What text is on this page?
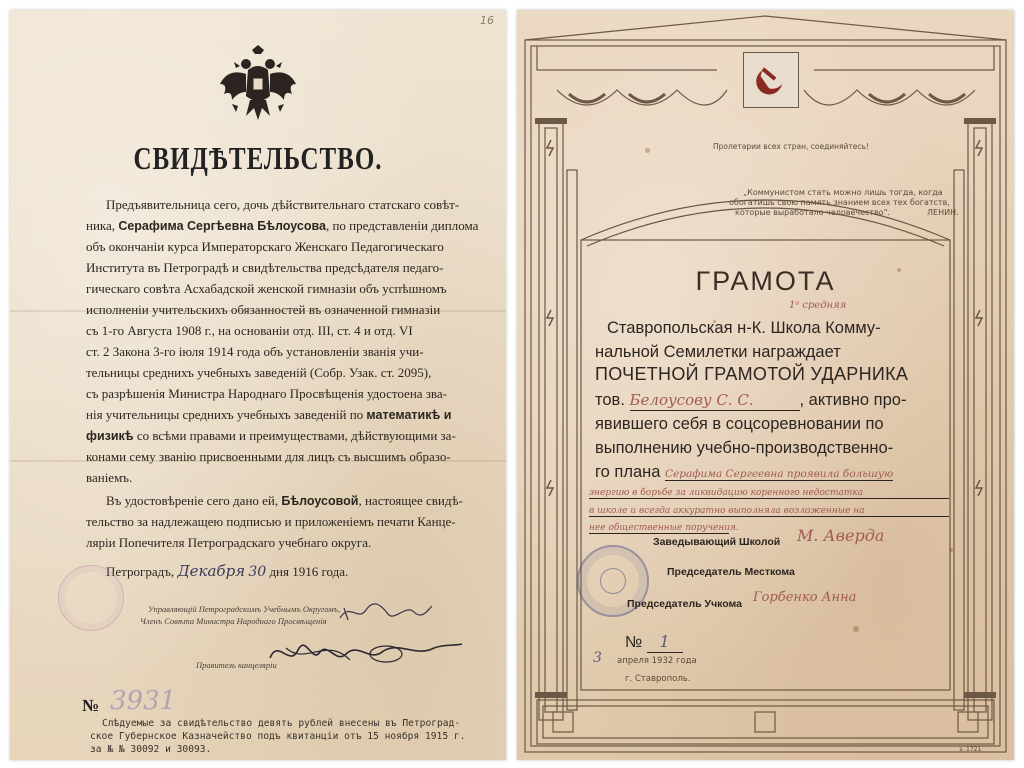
16
СВИДѢТЕЛЬСТВО.
Предъявительница сего, дочь дѣйствительнаго статскаго совѣт-
ника, Серафима Сергѣевна Бѣлоусова, по представленіи диплома
объ окончаніи курса Императорскаго Женскаго Педагогическаго
Института въ Петроградѣ и свидѣтельства предсѣдателя педаго-
гическаго совѣта Асхабадской женской гимназіи объ успѣшномъ
исполненіи учительскихъ обязанностей въ означенной гимназіи
съ 1-го Августа 1908 г., на основаніи отд. III, ст. 4 и отд. VI
ст. 2 Закона 3-го іюля 1914 года объ установленіи званія учи-
тельницы среднихъ учебныхъ заведеній (Собр. Узак. ст. 2095),
съ разрѣшенія Министра Народнаго Просвѣщенія удостоена зва-
нія учительницы среднихъ учебныхъ заведеній по математикѣ и
физикѣ со всѣми правами и преимуществами, дѣйствующими за-
конами сему званію присвоенными для лицъ съ высшимъ образо-
ваніемъ.
Въ удостовѣреніе сего дано ей, Бѣлоусовой, настоящее свидѣ-
тельство за надлежащею подписью и приложеніемъ печати Канце-
ляріи Попечителя Петроградскаго учебнаго округа.
Петроградъ, Декабря 30 дня 1916 года.
Управляющій Петроградскимъ Учебнымъ Округомъ,
Членъ Совѣта Министра Народнаго Просвѣщенія
Правитель канцеляріи
№ 3931
Слѣдуемые за свидѣтельство девять рублей внесены въ Петроград-
ское Губернское Казначейство подъ квитанціи отъ 15 ноября 1915 г.
за № № 30092 и 30093.
Пролетарии всех стран, соединяйтесь!
„Коммунистом стать можно лишь тогда, когда
обогатишь свою память знанием всех тех богатств,
которые выработало человечество".	ЛЕНИН.
ГРАМОТА
1ᵃ средняя
Ставропольская н-К. Школа Комму-
нальной Семилетки награждает
ПОЧЕТНОЙ ГРАМОТОЙ УДАРНИКА
тов. Белоусову С. С.	, активно про-
явившего себя в соцсоревновании по
выполнению учебно-производственно-
го плана Серафима Сергеевна проявила большую
энергию в борьбе за ликвидацию коренного недостатка
в школе и всегда аккуратно выполняла возложенные на
нее общественные поручения.
Заведывающий Школой М. Аверда
Председатель Месткома
Председатель Учкома Горбенко Анна
№ 1
3 апреля 1932 года
г. Ставрополь.
з. 1721
